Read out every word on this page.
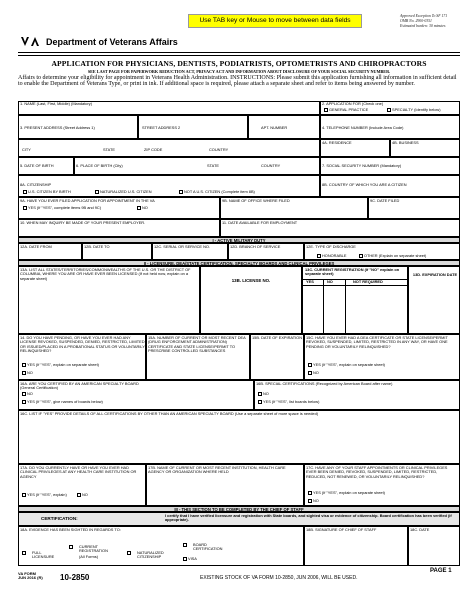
Use TAB key or Mouse to move between data fields
Approved Exception To SF 171
OMB No. 2900-0351
Estimated burden: 30 minutes
Department of Veterans Affairs
APPLICATION FOR PHYSICIANS, DENTISTS, PODIATRISTS, OPTOMETRISTS AND CHIROPRACTORS
SEE LAST PAGE FOR PAPERWORK REDUCTION ACT, PRIVACY ACT AND INFORMATION ABOUT DISCLOSURE OF YOUR SOCIAL SECURITY NUMBER.
Affairs to determine your eligibility for appointment in Veterans Health Administration. INSTRUCTIONS: Please submit this application furnishing all information in sufficient detail to enable the Department of Veterans Type, or print in ink. If additional space is required, please attach a separate sheet and refer to items being answered by number.
1. NAME (Last, First, Middle) (Mandatory)	2. APPLICATION FOR (Check one)
GENERAL PRACTICE	SPECIALTY (Identify below)
3. PRESENT ADDRESS (Street Address 1)	STREET ADDRESS 2	APT. NUMBER	4. TELEPHONE NUMBER (Include Area Code)
CITY	STATE	ZIP CODE	COUNTRY
4A. RESIDENCE	4B. BUSINESS
5. DATE OF BIRTH	6. PLACE OF BIRTH (City)	STATE	COUNTRY	7. SOCIAL SECURITY NUMBER (Mandatory)
8A. CITIZENSHIP
U.S. CITIZEN BY BIRTH	NATURALIZED U.S. CITIZEN	NOT A U.S. CITIZEN (Complete item 8B)
8B. COUNTRY OF WHICH YOU ARE A CITIZEN
9A. HAVE YOU EVER FILED APPLICATION FOR APPOINTMENT IN THE VA
YES (If "YES", complete items 9B and 9C)	NO
9B. NAME OF OFFICE WHERE FILED	9C. DATE FILED
10. WHEN MAY INQUIRY BE MADE OF YOUR PRESENT EMPLOYER.	11. DATE AVAILABLE FOR EMPLOYMENT
I - ACTIVE MILITARY DUTY
12A. DATE FROM	12B. DATE TO	12C. SERIAL OR SERVICE NO.	12D. BRANCH OF SERVICE	12E. TYPE OF DISCHARGE
HONORABLE	OTHER (Explain on separate sheet)
II - LICENSURE, DEA/STATE CERTIFICATION, SPECIALTY BOARDS AND CLINICAL PRIVILEGES
13A. LIST ALL STATES/TERRITORIES/COMMONWEALTHS OF THE U.S. OR THE DISTRICT OF COLUMBIA, WHERE YOU ARE OR HAVE EVER BEEN LICENSED (If not held now, explain on a separate sheet)	13B. LICENSE NO.
13C. CURRENT REGISTRATION (If "NO" explain on separate sheet)
YES	NO	NOT REQUIRED
13D. EXPIRATION DATE
14. DO YOU HAVE PENDING, OR HAVE YOU EVER HAD ANY LICENSE REVOKED, SUSPENDED, DENIED, RESTRICTED, LIMITED OR ISSUED/PLACED IN A PROBATIONAL STATUS OR VOLUNTARILY RELINQUISHED?
YES (If "YES", explain on separate sheet)
NO
15A. NUMBER OF CURRENT OR MOST RECENT DEA (DRUG ENFORCEMENT ADMINISTRATION) CERTIFICATE AND STATE LICENSE/PERMIT TO PRESCRIBE CONTROLLED SUBSTANCES
15B. DATE OF EXPIRATION 15C. HAVE YOU EVER HAD A DEA CERTIFICATE OR STATE LICENSE/PERMIT REVOKED, SUSPENDED, LIMITED, RESTRICTED IN ANY WAY, OR HAVE ONE PENDING OR VOLUNTARILY RELINQUISHED?
YES (If "YES", explain on separate sheet)
NO
16A. ARE YOU CERTIFIED BY AN AMERICAN SPECIALTY BOARD (General Certification)
NO
YES (If "YES", give names of boards below)
16B. SPECIAL CERTIFICATIONS (Recognized by American Board after name)
NO
YES (If "YES", list boards below)
16C. LIST IF "YES" PROVIDE DETAILS OF ALL CERTIFICATIONS BY OTHER THAN AN AMERICAN SPECIALTY BOARD (Use a separate sheet of more space is needed)
17A. DO YOU CURRENTLY HAVE OR HAVE YOU EVER HAD CLINICAL PRIVILEGES AT ANY HEALTH CARE INSTITUTION OR AGENCY
YES (If "YES", explain)	NO
17B. NAME OF CURRENT OR MOST RECENT INSTITUTION, HEALTH CARE AGENCY OR ORGANIZATION WHERE HELD
17C. HAVE ANY OF YOUR STAFF APPOINTMENTS OR CLINICAL PRIVILEGES EVER BEEN DENIED, REVOKED, SUSPENDED, LIMITED, RESTRICTED, REDUCED, NOT RENEWED, OR VOLUNTARILY RELINQUISHED?
YES (If "YES", explain on separate sheet)
NO
III - THIS SECTION TO BE COMPLETED BY THE CHIEF OF STAFF
CERTIFICATION:
I certify that I have verified licensure and registration with State boards, and sighted visa or evidence of citizenship. Board certification has been verified (if appropriate).
18A. EVIDENCE HAS BEEN SIGHTED IN REGARDS TO:
FULL LICENSURE
CURRENT REGISTRATION
(All Forms)
NATURALIZED CITIZENSHIP
BOARD CERTIFICATION
VISA
18B. SIGNATURE OF CHIEF OF STAFF	18C. DATE
VA FORM
JUN 2016 (R) 10-2850	EXISTING STOCK OF VA FORM 10-2850, JUN 2006, WILL BE USED.
PAGE 1
